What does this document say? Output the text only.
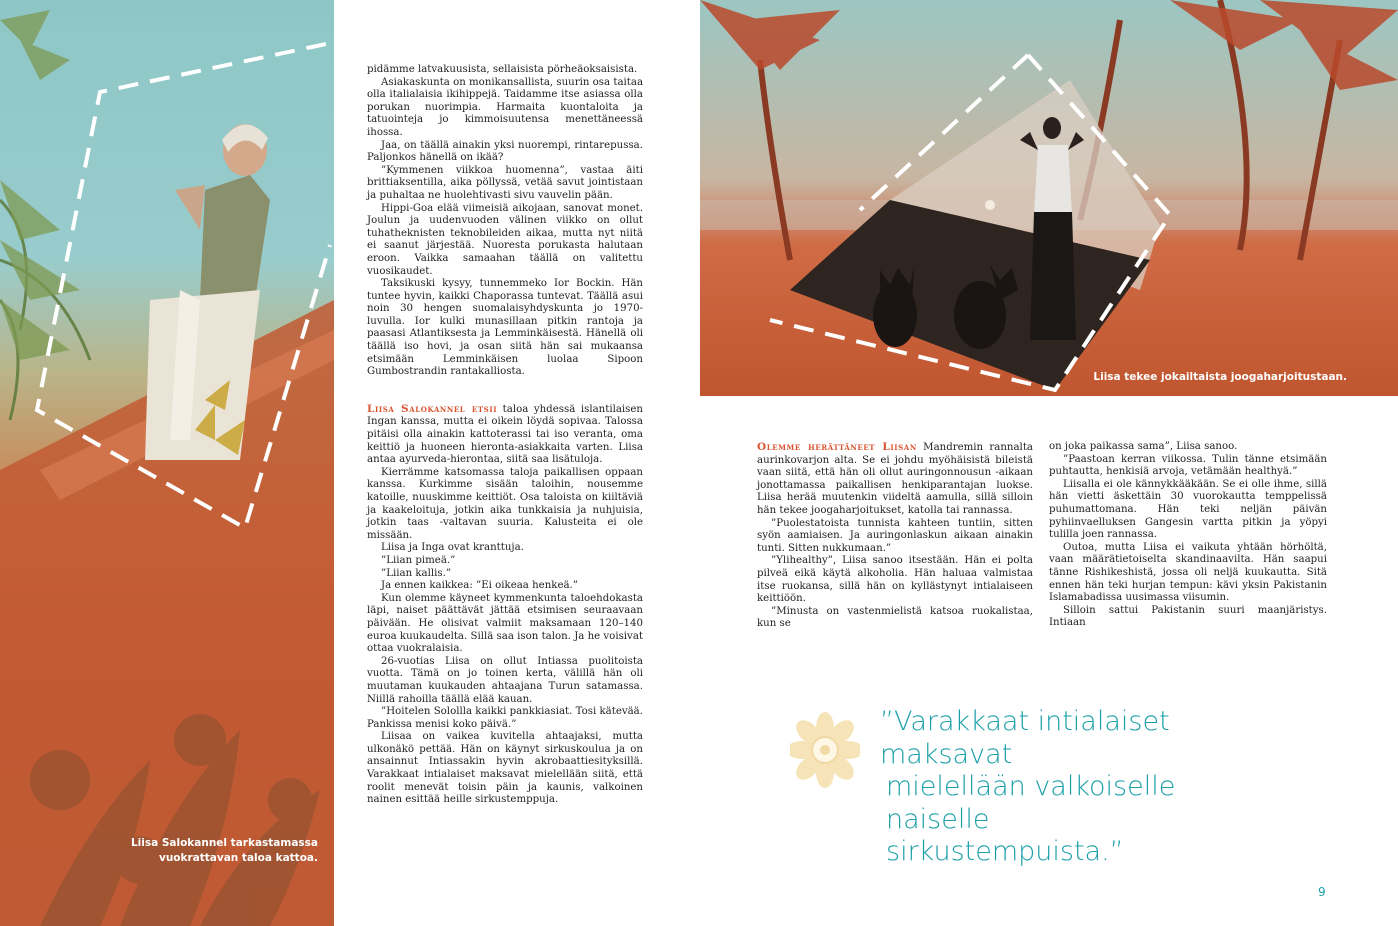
Liisa Salokannel tarkastamassa
vuokrattavan taloa kattoa.
Liisa tekee jokailtaista joogaharjoitustaan.

pidämme latvakuusista, sellaisista pörheäoksaisista.

Asiakaskunta on monikansallista, suurin osa taitaa olla italialaisia ikihippejä. Taidamme itse asiassa olla porukan nuorimpia. Harmaita kuontaloita ja tatuointeja jo kimmoisuutensa menettäneessä ihossa.

Jaa, on täällä ainakin yksi nuorempi, rintarepussa. Paljonkos hänellä on ikää?

”Kymmenen viikkoa huomenna”, vastaa äiti brittiaksentilla, aika pöllyssä, vetää savut jointistaan ja puhaltaa ne huolehtivasti sivu vauvelin pään.

Hippi-Goa elää viimeisiä aikojaan, sanovat monet. Joulun ja uudenvuoden välinen viikko on ollut tuhatheknisten teknobileiden aikaa, mutta nyt niitä ei saanut järjestää. Nuoresta porukasta halutaan eroon. Vaikka samaahan täällä on valitettu vuosikaudet.

Taksikuski kysyy, tunnemmeko Ior Bockin. Hän tuntee hyvin, kaikki Chaporassa tuntevat. Täällä asui noin 30 hengen suomalaisyhdyskunta jo 1970-luvulla. Ior kulki munasillaan pitkin rantoja ja paasasi Atlantiksesta ja Lemminkäisestä. Hänellä oli täällä iso hovi, ja osan siitä hän sai mukaansa etsimään Lemminkäisen luolaa Sipoon Gumbostrandin rantakalliosta.

Liisa Salokannel etsii taloa yhdessä islantilaisen Ingan kanssa, mutta ei oikein löydä sopivaa. Talossa pitäisi olla ainakin kattoterassi tai iso veranta, oma keittiö ja huoneen hieronta-asiakkaita varten. Liisa antaa ayurveda-hierontaa, siitä saa lisätuloja.

Kierrämme katsomassa taloja paikallisen oppaan kanssa. Kurkimme sisään taloihin, nousemme katoille, nuuskimme keittiöt. Osa taloista on kiiltäviä ja kaakeloituja, jotkin aika tunkkaisia ja nuhjuisia, jotkin taas -valtavan suuria. Kalusteita ei ole missään.

Liisa ja Inga ovat kranttuja.

”Liian pimeä.”

”Liian kallis.”

Ja ennen kaikkea: ”Ei oikeaa henkeä.”

Kun olemme käyneet kymmenkunta taloehdokasta läpi, naiset päättävät jättää etsimisen seuraavaan päivään. He olisivat valmiit maksamaan 120–140 euroa kuukaudelta. Sillä saa ison talon. Ja he voisivat ottaa vuokralaisia.

26-vuotias Liisa on ollut Intiassa puolitoista vuotta. Tämä on jo toinen kerta, välillä hän oli muutaman kuukauden ahtaajana Turun satamassa. Niillä rahoilla täällä elää kauan.

”Hoitelen Solollla kaikki pankkiasiat. Tosi kätevää. Pankissa menisi koko päivä.”

Liisaa on vaikea kuvitella ahtaajaksi, mutta ulkonäkö pettää. Hän on käynyt sirkuskoulua ja on ansainnut Intiassakin hyvin akrobaattiesityksillä. Varakkaat intialaiset maksavat mielellään siitä, että roolit menevät toisin päin ja kaunis, valkoinen nainen esittää heille sirkustemppuja.

Olemme herättäneet Liisan Mandremin rannalta aurinkovarjon alta. Se ei johdu myöhäisistä bileistä vaan siitä, että hän oli ollut auringonnousun -aikaan jonottamassa paikallisen henkiparantajan luokse. Liisa herää muutenkin viideltä aamulla, sillä silloin hän tekee joogaharjoitukset, katolla tai rannassa.

”Puolestatoista tunnista kahteen tuntiin, sitten syön aamiaisen. Ja auringonlaskun aikaan ainakin tunti. Sitten nukkumaan.”

”Ylihealthy”, Liisa sanoo itsestään. Hän ei polta pilveä eikä käytä alkoholia. Hän haluaa valmistaa itse ruokansa, sillä hän on kyllästynyt intialaiseen keittiöön.

”Minusta on vastenmielistä katsoa ruokalistaa, kun se

on joka paikassa sama”, Liisa sanoo.

”Paastoan kerran viikossa. Tulin tänne etsimään puhtautta, henkisiä arvoja, vetämään healthyä.”

Liisalla ei ole kännykkääkään. Se ei olle ihme, sillä hän vietti äskettäin 30 vuorokautta temppelissä puhumattomana. Hän teki neljän päivän pyhiinvaelluksen Gangesin vartta pitkin ja yöpyi tulilla joen rannassa.

Outoa, mutta Liisa ei vaikuta yhtään hörhöltä, vaan määrätietoiselta skandinaavilta. Hän saapui tänne Rishikeshistä, jossa oli neljä kuukautta. Sitä ennen hän teki hurjan tempun: kävi yksin Pakistanin Islamabadissa uusimassa viisumin.

Silloin sattui Pakistanin suuri maanjäristys. Intiaan

”Varakkaat intialaiset maksavat
mielellään valkoiselle naiselle
sirkustempuista.”
9
